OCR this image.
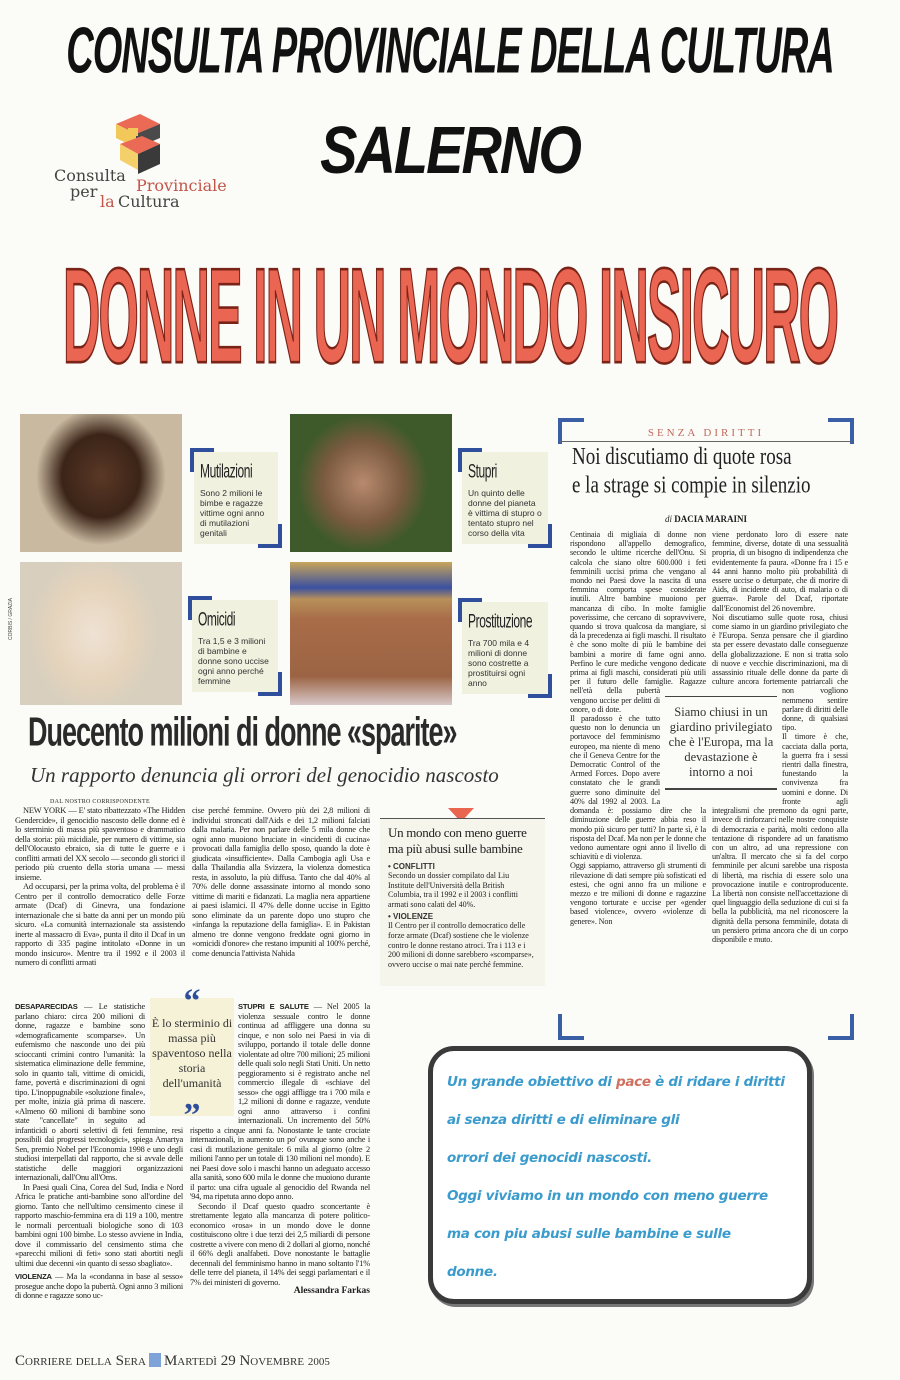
CONSULTA PROVINCIALE DELLA CULTURA
SALERNO
Consulta
Provinciale
per
la Cultura
DONNE IN UN MONDO INSICURO
CORBIS / GRAZIA
Mutilazioni

Sono 2 milioni le bimbe e ragazze vittime ogni anno di mutilazioni genitali

Stupri

Un quinto delle donne del pianeta è vittima di stupro o tentato stupro nel corso della vita

Omicidi

Tra 1,5 e 3 milioni di bambine e donne sono uccise ogni anno perché femmine

Prostituzione

Tra 700 mila e 4 milioni di donne sono costrette a prostituirsi ogni anno

Duecento milioni di donne «sparite»
Un rapporto denuncia gli orrori del genocidio nascosto
DAL NOSTRO CORRISPONDENTE

NEW YORK — E' stato ribattezzato «The Hidden Gendercide», il genocidio nascosto delle donne ed è lo sterminio di massa più spaventoso e drammatico della storia: più micidiale, per numero di vittime, sia dell'Olocausto ebraico, sia di tutte le guerre e i conflitti armati del XX secolo — secondo gli storici il periodo più cruento della storia umana — messi insieme.

Ad occuparsi, per la prima volta, del problema è il Centro per il controllo democratico delle Forze armate (Dcaf) di Ginevra, una fondazione internazionale che si batte da anni per un mondo più sicuro. «La comunità internazionale sta assistendo inerte al massacro di Eva», punta il dito il Dcaf in un rapporto di 335 pagine intitolato «Donne in un mondo insicuro». Mentre tra il 1992 e il 2003 il numero di conflitti armati

cise perché femmine. Ovvero più dei 2,8 milioni di individui stroncati dall'Aids e dei 1,2 milioni falciati dalla malaria. Per non parlare delle 5 mila donne che ogni anno muoiono bruciate in «incidenti di cucina» provocati dalla famiglia dello sposo, quando la dote è giudicata «insufficiente». Dalla Cambogia agli Usa e dalla Thailandia alla Svizzera, la violenza domestica resta, in assoluto, la più diffusa. Tanto che dal 40% al 70% delle donne assassinate intorno al mondo sono vittime di mariti e fidanzati. La maglia nera appartiene ai paesi islamici. Il 47% delle donne uccise in Egitto sono eliminate da un parente dopo uno stupro che «infanga la reputazione della famiglia». E in Pakistan almeno tre donne vengono freddate ogni giorno in «omicidi d'onore» che restano impuniti al 100% perché, come denuncia l'attivista Nahida

Un mondo con meno guerre
ma più abusi sulle bambine
• CONFLITTI

Secondo un dossier compilato dal Liu Institute dell'Università della British Columbia, tra il 1992 e il 2003 i conflitti armati sono calati del 40%.

• VIOLENZE

Il Centro per il controllo democratico delle forze armate (Dcaf) sostiene che le violenze contro le donne restano atroci. Tra i 113 e i 200 milioni di donne sarebbero «scomparse», ovvero uccise o mai nate perché femmine.

DESAPARECIDAS — Le statistiche parlano chiaro: circa 200 milioni di donne, ragazze e bambine sono «demograficamente scomparse». Un eufemismo che nasconde uno dei più scioccanti crimini contro l'umanità: la sistematica eliminazione delle femmine, solo in quanto tali, vittime di omicidi, fame, povertà e discriminazioni di ogni tipo. L'inoppugnabile «soluzione finale», per molte, inizia già prima di nascere. «Almeno 60 milioni di bambine sono state "cancellate" in seguito ad infanticidi o aborti selettivi di feti femmine, resi possibili dai progressi tecnologici», spiega Amartya Sen, premio Nobel per l'Economia 1998 e uno degli studiosi interpellati dal rapporto, che si avvale delle statistiche delle maggiori organizzazioni internazionali, dall'Onu all'Oms.

In Paesi quali Cina, Corea del Sud, India e Nord Africa le pratiche anti-bambine sono all'ordine del giorno. Tanto che nell'ultimo censimento cinese il rapporto maschio-femmina era di 119 a 100, mentre le normali percentuali biologiche sono di 103 bambini ogni 100 bimbe. Lo stesso avviene in India, dove il commissario del censimento stima che «parecchi milioni di feti» sono stati abortiti negli ultimi due decenni «in quanto di sesso sbagliato».

VIOLENZA — Ma la «condanna in base al sesso» prosegue anche dopo la pubertà. Ogni anno 3 milioni di donne e ragazze sono uc-

STUPRI E SALUTE — Nel 2005 la violenza sessuale contro le donne continua ad affliggere una donna su cinque, e non solo nei Paesi in via di sviluppo, portando il totale delle donne violentate ad oltre 700 milioni; 25 milioni delle quali solo negli Stati Uniti. Un netto peggioramento si è registrato anche nel commercio illegale di «schiave del sesso» che oggi affligge tra i 700 mila e 1,2 milioni di donne e ragazze, vendute ogni anno attraverso i confini internazionali. Un incremento del 50% rispetto a cinque anni fa. Nonostante le tante crociate internazionali, in aumento un po' ovunque sono anche i casi di mutilazione genitale: 6 mila al giorno (oltre 2 milioni l'anno per un totale di 130 milioni nel mondo). E nei Paesi dove solo i maschi hanno un adeguato accesso alla sanità, sono 600 mila le donne che muoiono durante il parto: una cifra uguale al genocidio del Rwanda nel '94, ma ripetuta anno dopo anno.

Secondo il Dcaf questo quadro sconcertante è strettamente legato alla mancanza di potere politico-economico «rosa» in un mondo dove le donne costituiscono oltre i due terzi dei 2,5 miliardi di persone costrette a vivere con meno di 2 dollari al giorno, nonché il 66% degli analfabeti. Dove nonostante le battaglie decennali del femminismo hanno in mano soltanto l'1% delle terre del pianeta, il 14% dei seggi parlamentari e il 7% dei ministeri di governo.

Alessandra Farkas
“
È lo sterminio di massa più spaventoso nella storia dell'umanità
”
SENZA DIRITTI
Noi discutiamo di quote rosa
e la strage si compie in silenzio
di DACIA MARAINI

Centinaia di migliaia di donne non rispondono all'appello demografico, secondo le ultime ricerche dell'Onu. Si calcola che siano oltre 600.000 i feti femminili uccisi prima che vengano al mondo nei Paesi dove la nascita di una femmina comporta spese considerate inutili. Altre bambine muoiono per mancanza di cibo. In molte famiglie poverissime, che cercano di sopravvivere, quando si trova qualcosa da mangiare, si dà la precedenza ai figli maschi. Il risultato è che sono molte di più le bambine dei bambini a morire di fame ogni anno. Perfino le cure mediche vengono dedicate prima ai figli maschi, considerati più utili per il futuro delle famiglie. Ragazze nell'età della pubertà vengono uccise per delitti di onore, o di dote.

Il paradosso è che tutto questo non lo denuncia un portavoce del femminismo europeo, ma niente di meno che il Geneva Centre for the Democratic Control of the Armed Forces. Dopo avere constatato che le grandi guerre sono diminuite del 40% dal 1992 al 2003. La domanda è: possiamo dire che la diminuzione delle guerre abbia reso il mondo più sicuro per tutti? In parte sì, è la risposta del Dcaf. Ma non per le donne che vedono aumentare ogni anno il livello di schiavitù e di violenza.

Oggi sappiamo, attraverso gli strumenti di rilevazione di dati sempre più sofisticati ed estesi, che ogni anno fra un milione e mezzo e tre milioni di donne e ragazzine vengono torturate e uccise per «gender based violence», ovvero «violenze di genere». Non

viene perdonato loro di essere nate femmine, diverse, dotate di una sessualità propria, di un bisogno di indipendenza che evidentemente fa paura. «Donne fra i 15 e 44 anni hanno molto più probabilità di essere uccise o deturpate, che di morire di Aids, di incidente di auto, di malaria o di guerra». Parole del Dcaf, riportate dall'Economist del 26 novembre.

Noi discutiamo sulle quote rosa, chiusi come siamo in un giardino privilegiato che è l'Europa. Senza pensare che il giardino sta per essere devastato dalle conseguenze della globalizzazione. E non si tratta solo di nuove e vecchie discriminazioni, ma di assassinio rituale delle donne da parte di culture ancora fortemente patriarcali che non vogliono nemmeno sentire parlare di diritti delle donne, di qualsiasi tipo.

Il timore è che, cacciata dalla porta, la guerra fra i sessi rientri dalla finestra, funestando la convivenza fra uomini e donne. Di fronte agli integralismi che premono da ogni parte, invece di rinforzarci nelle nostre conquiste di democrazia e parità, molti cedono alla tentazione di rispondere ad un fanatismo con un altro, ad una repressione con un'altra. Il mercato che si fa del corpo femminile per alcuni sarebbe una risposta di libertà, ma rischia di essere solo una provocazione inutile e controproducente. La libertà non consiste nell'accettazione di quel linguaggio della seduzione di cui si fa bella la pubblicità, ma nel riconoscere la dignità della persona femminile, dotata di un pensiero prima ancora che di un corpo disponibile e muto.

Siamo chiusi in un giardino privilegiato che è l'Europa, ma la devastazione è intorno a noi

Un grande obiettivo di pace è di ridare i diritti

ai senza diritti e di eliminare gli

orrori dei genocidi nascosti.

Oggi viviamo in un mondo con meno guerre

ma con piu abusi sulle bambine e sulle

donne.

Corriere della Sera Martedì 29 Novembre 2005
